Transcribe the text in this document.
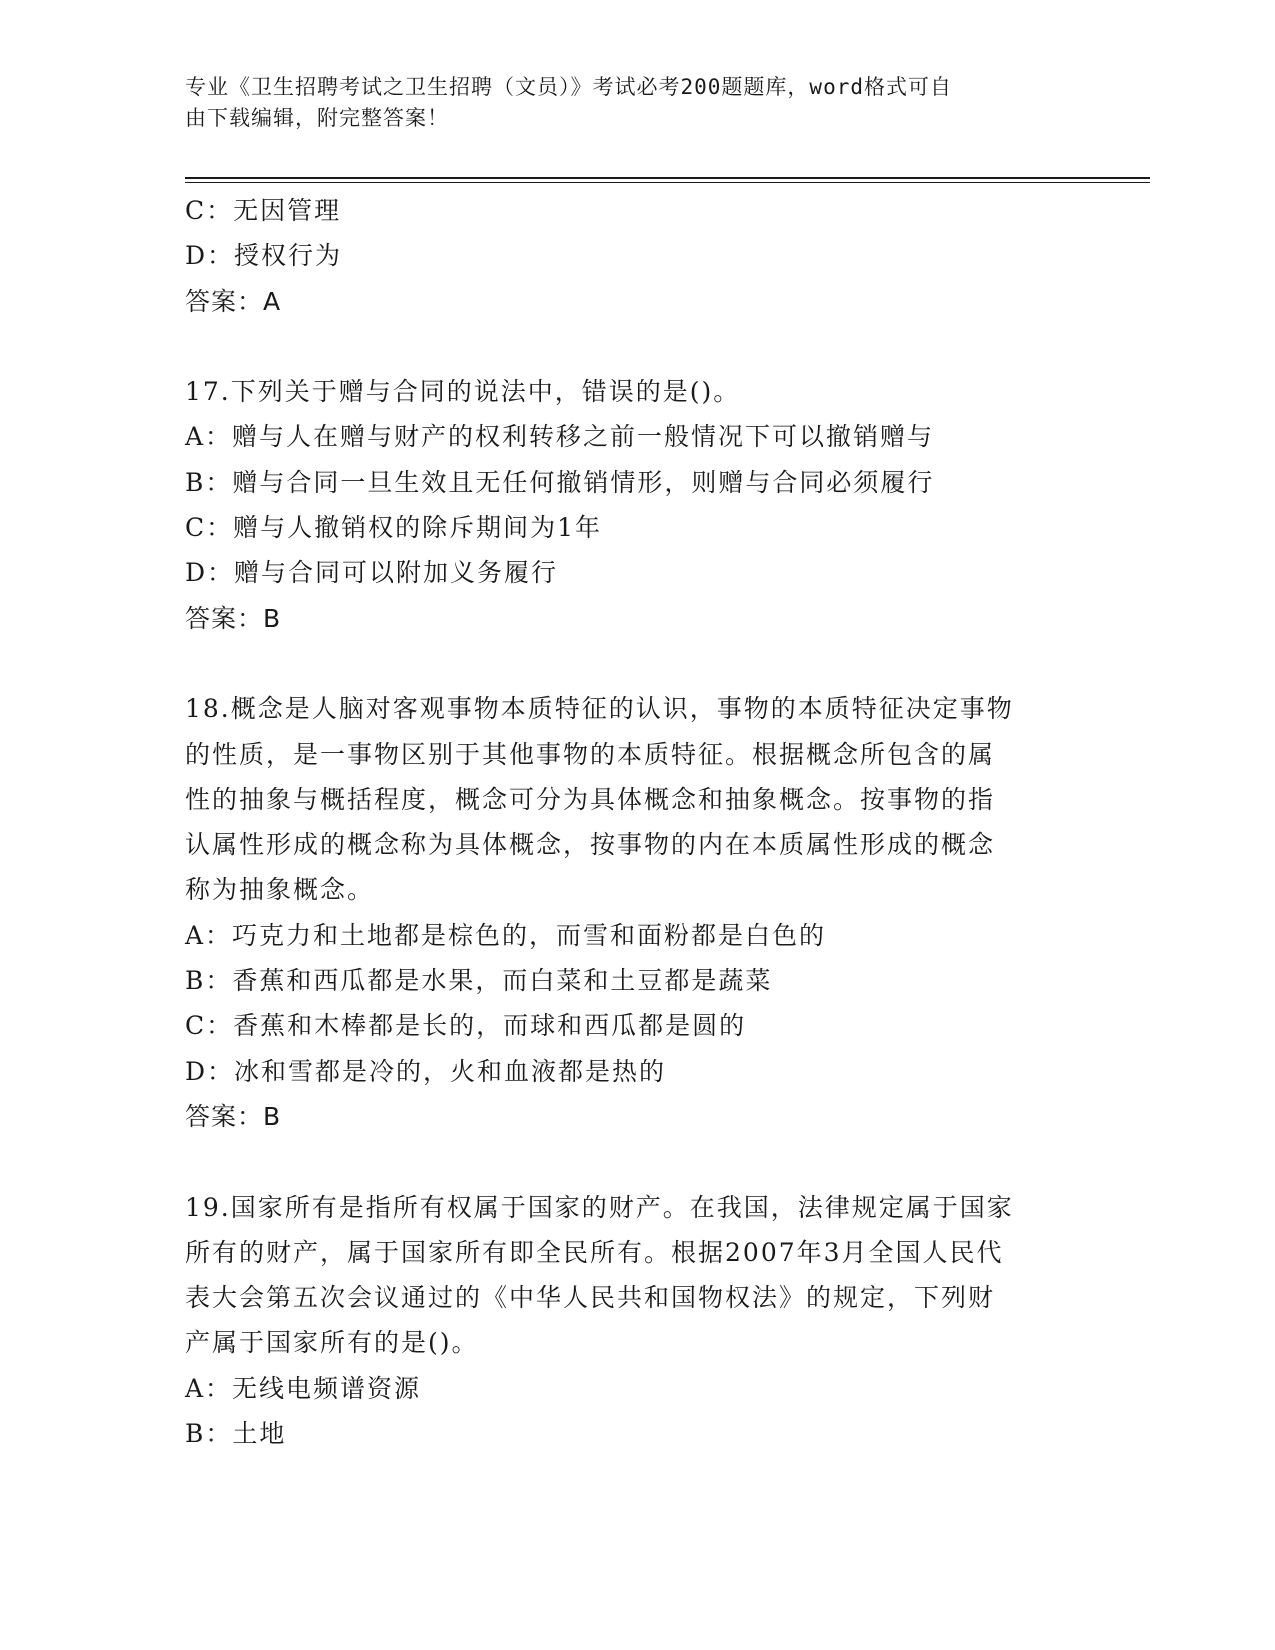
专业《卫生招聘考试之卫生招聘（文员）》考试必考200题题库，word格式可自
由下载编辑，附完整答案！
C：无因管理
D：授权行为
答案：A
17.下列关于赠与合同的说法中，错误的是()。
A：赠与人在赠与财产的权利转移之前一般情况下可以撤销赠与
B：赠与合同一旦生效且无任何撤销情形，则赠与合同必须履行
C：赠与人撤销权的除斥期间为1年
D：赠与合同可以附加义务履行
答案：B
18.概念是人脑对客观事物本质特征的认识，事物的本质特征决定事物
的性质，是一事物区别于其他事物的本质特征。根据概念所包含的属
性的抽象与概括程度，概念可分为具体概念和抽象概念。按事物的指
认属性形成的概念称为具体概念，按事物的内在本质属性形成的概念
称为抽象概念。
A：巧克力和土地都是棕色的，而雪和面粉都是白色的
B：香蕉和西瓜都是水果，而白菜和土豆都是蔬菜
C：香蕉和木棒都是长的，而球和西瓜都是圆的
D：冰和雪都是冷的，火和血液都是热的
答案：B
19.国家所有是指所有权属于国家的财产。在我国，法律规定属于国家
所有的财产，属于国家所有即全民所有。根据2007年3月全国人民代
表大会第五次会议通过的《中华人民共和国物权法》的规定，下列财
产属于国家所有的是()。
A：无线电频谱资源
B：土地
